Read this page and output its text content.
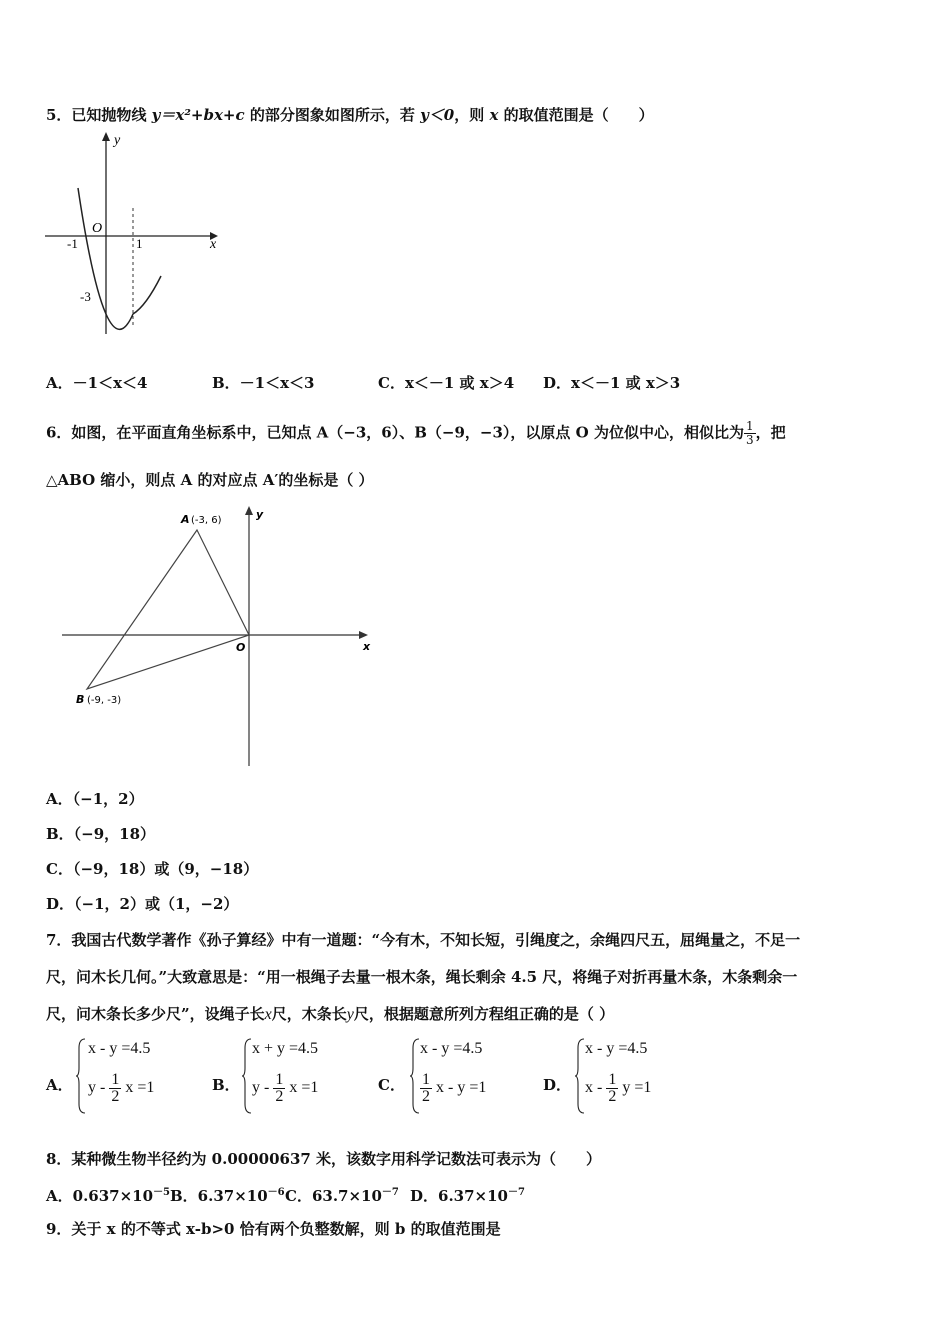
5．已知抛物线 y＝x²+bx+c 的部分图象如图所示，若 y＜0，则 x 的取值范围是（　　）
y
O
x
-1	1
-3
A．－1＜x＜4	B．－1＜x＜3	C．x＜－1 或 x＞4 D．x＜－1 或 x＞3
6．如图，在平面直角坐标系中，已知点 A（−3，6）、B（−9，−3），以原点 O 为位似中心，相似比为 $\frac{1}{3}$ ，把
△ABO 缩小，则点 A 的对应点 A′的坐标是（ ）
A (-3, 6)
B (-9, -3)
O	x
y
A．（−1，2）
B．（−9，18）
C．（−9，18）或（9，−18）
D．（−1，2）或（1，−2）
7．我国古代数学著作《孙子算经》中有一道题：“今有木，不知长短，引绳度之，余绳四尺五，屈绳量之，不足一
尺，问木长几何。”大致意思是：“用一根绳子去量一根木条，绳长剩余 4.5 尺，将绳子对折再量木条，木条剩余一
尺，问木条长多少尺”，设绳子长x尺，木条长y尺，根据题意所列方程组正确的是（ ）
A．
x - y =4.5
y - $\frac{1}{2}$ x =1	B．
x + y =4.5
y - $\frac{1}{2}$ x =1	C．
x - y =4.5
$\frac{1}{2}$ x - y =1	D．
x - y =4.5
x - $\frac{1}{2}$ y =1
8．某种微生物半径约为 0.00000637 米，该数字用科学记数法可表示为（　　）
A．$0.637\times 10^{-5}$ B．$6.37\times 10^{-6}$ C．$63.7\times 10^{-7}$ D．$6.37\times 10^{-7}$
9．关于 x 的不等式 x-b>0 恰有两个负整数解，则 b 的取值范围是
